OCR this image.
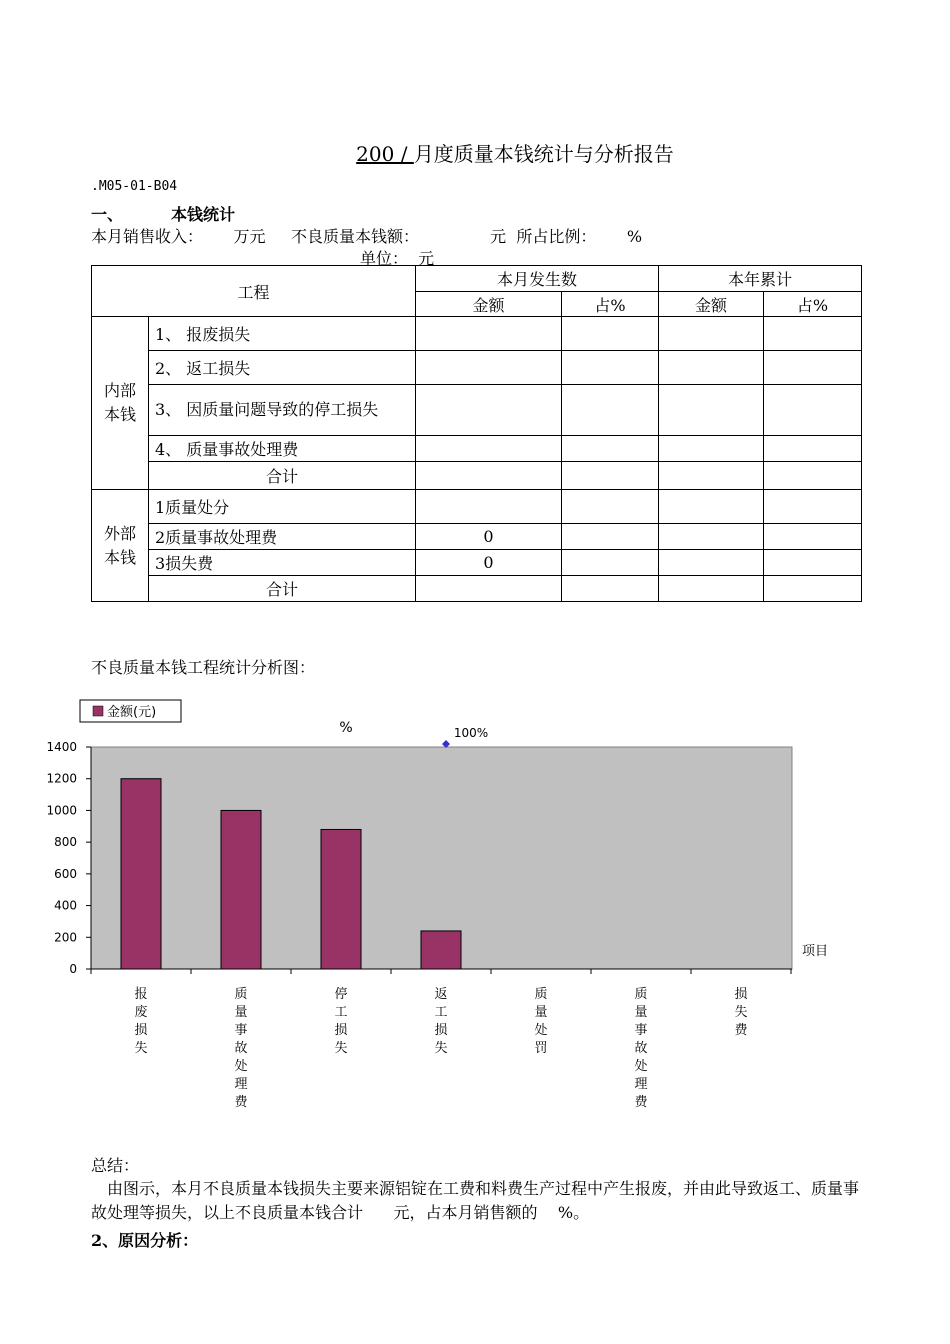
200 / 月度质量本钱统计与分析报告
.M05-01-B04
一、	本钱统计
本月销售收入：      万元     不良质量本钱额：              元  所占比例：      %
单位：  元
工程		本月发生数		本年累计	
		金额	占%	金额	占%
内部
本钱	1、 报废损失				
	2、 返工损失				

	3、 因质量问题导致的停工损失				

	4、 质量事故处理费				
	合计				
外部
本钱	1质量处分				
	2质量事故处理费	0			
	3损失费	0			
	合计				
不良质量本钱工程统计分析图：
金额(元)
0
200
400
600
800
1000
1200
1400
报
废
损
失
质
量
事
故
处
理
费
停
工
损
失
返
工
损
失
质
量
处
罚
质
量
事
故
处
理
费
损
失
费
项目
%	100%
总结：
由图示，本月不良质量本钱损失主要来源铝锭在工费和料费生产过程中产生报废，并由此导致返工、质量事故处理等损失，以上不良质量本钱合计      元，占本月销售额的    %。
2、原因分析：
